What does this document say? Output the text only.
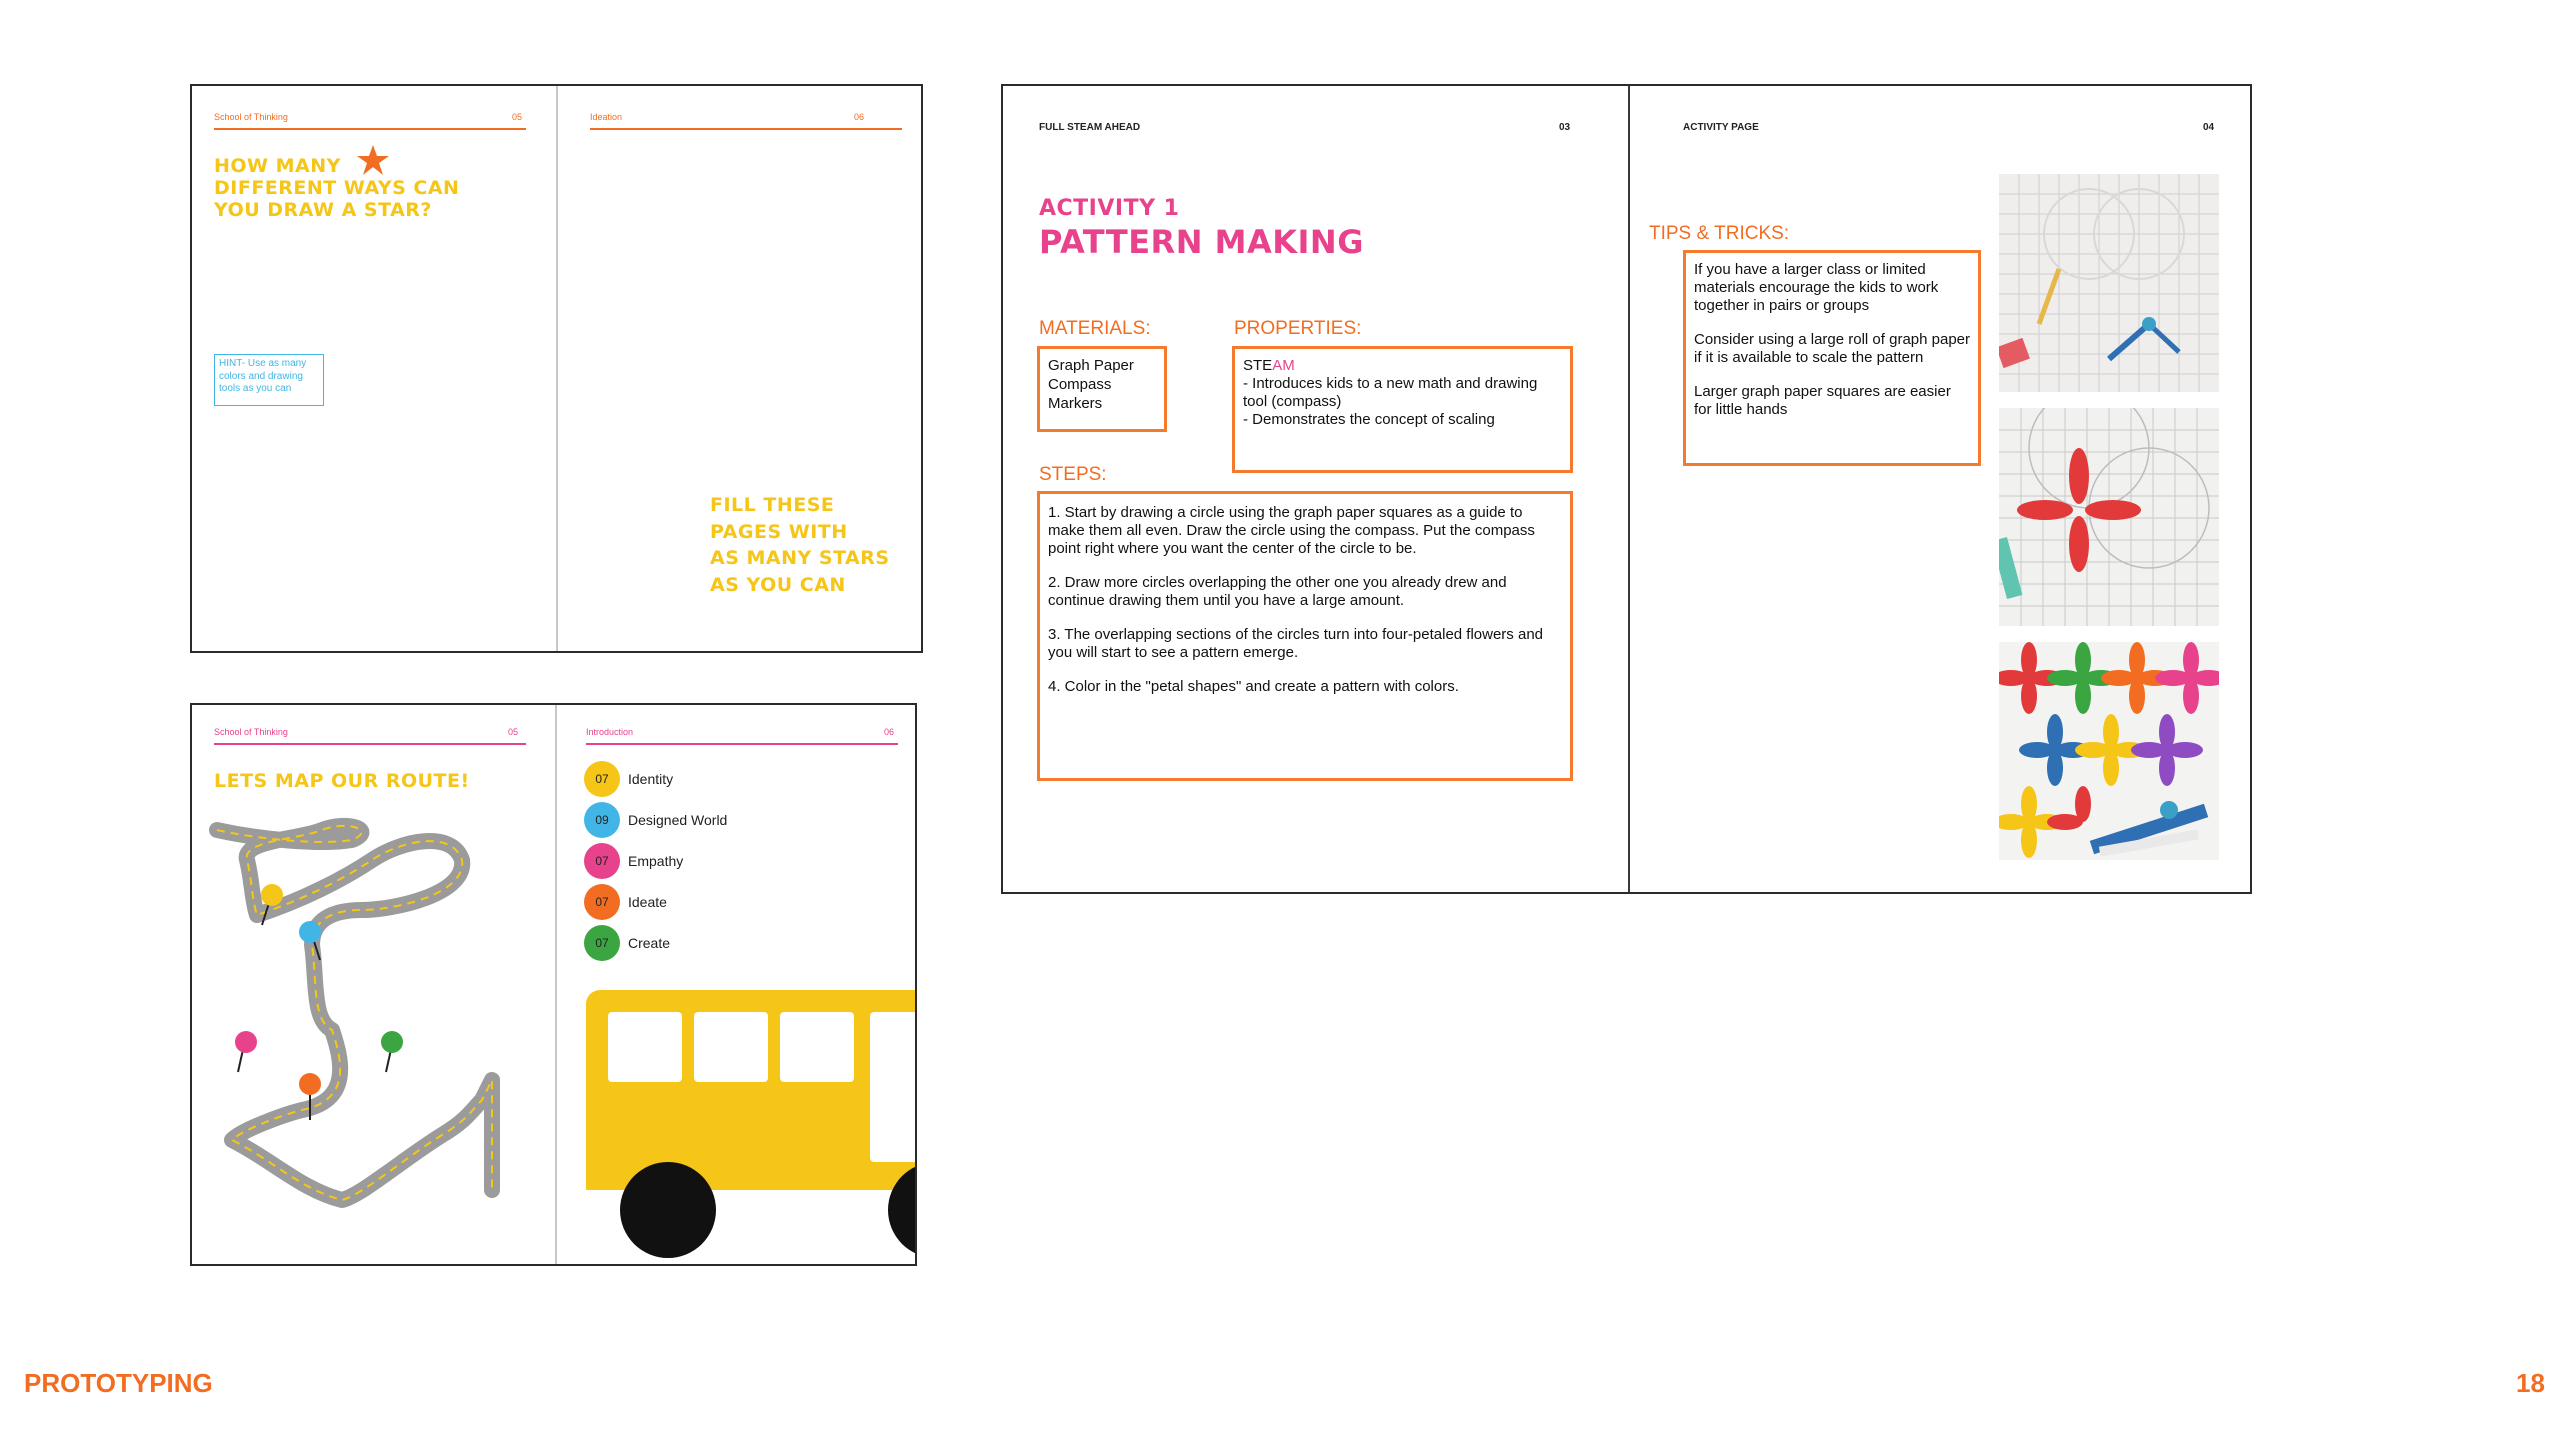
School of Thinking	05	Ideation	06
HOW MANY
DIFFERENT WAYS CAN
YOU DRAW A STAR?
HINT- Use as many colors and drawing tools as you can
FILL THESE
PAGES WITH
AS MANY STARS
AS YOU CAN
School of Thinking	05	Introduction	06
LETS MAP OUR ROUTE!	07	Identity
09	Designed World
07	Empathy
07	Ideate
07	Create
FULL STEAM AHEAD	03	ACTIVITY PAGE	04
ACTIVITY 1
PATTERN MAKING
MATERIALS:
Graph Paper
Compass
Markers
PROPERTIES:
STEAM
- Introduces kids to a new math and drawing tool (compass)
- Demonstrates the concept of scaling
STEPS:
1. Start by drawing a circle using the graph paper squares as a guide to make them all even. Draw the circle using the compass. Put the compass point right where you want the center of the circle to be.
2. Draw more circles overlapping the other one you already drew and continue drawing them until you have a large amount.
3. The overlapping sections of the circles turn into four-petaled flowers and you will start to see a pattern emerge.
4. Color in the "petal shapes" and create a pattern with colors.
TIPS & TRICKS:
If you have a larger class or limited materials encourage the kids to work together in pairs or groups
Consider using a large roll of graph paper if it is available to scale the pattern
Larger graph paper squares are easier for little hands
PROTOTYPING	18
